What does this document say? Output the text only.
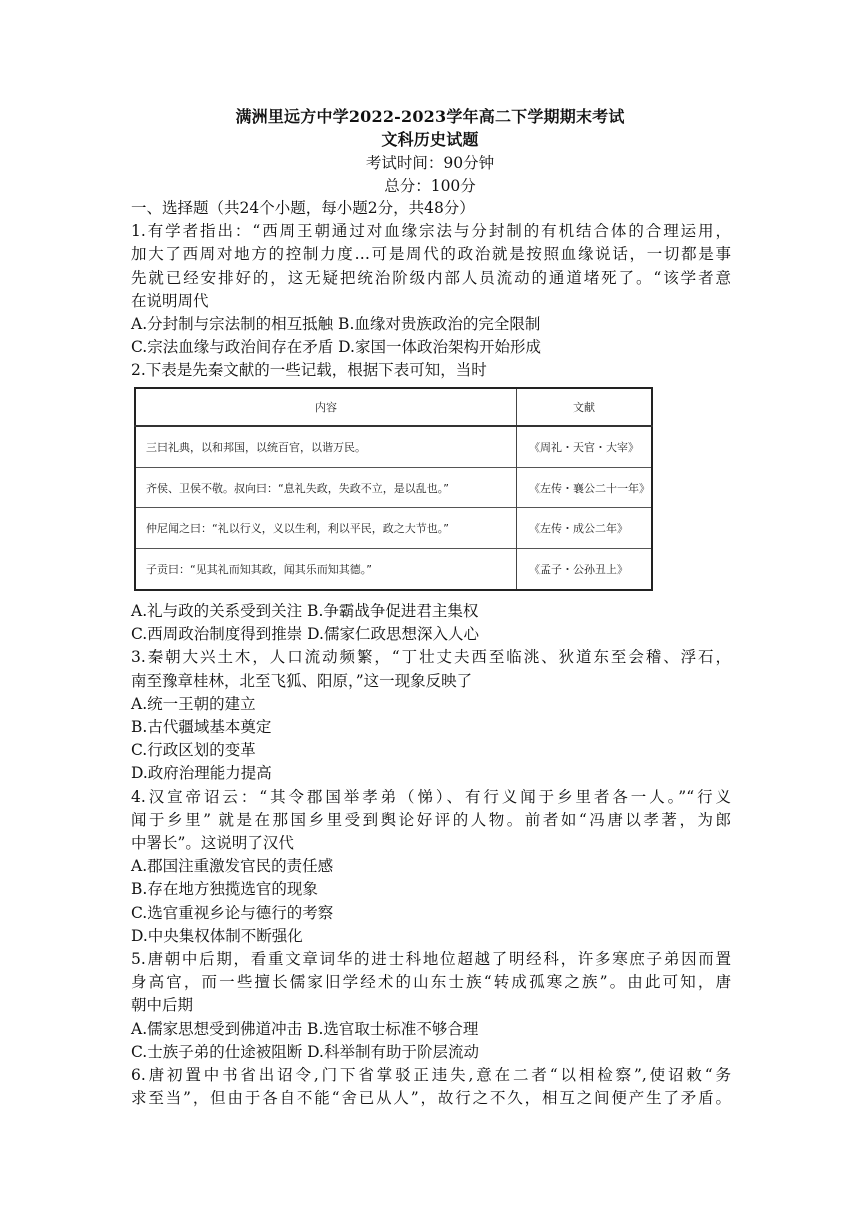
满洲里远方中学2022-2023学年高二下学期期末考试
文科历史试题
考试时间：90分钟
总分：100分

一、选择题（共24个小题，每小题2分，共48分）

1.有学者指出：“西周王朝通过对血缘宗法与分封制的有机结合体的合理运用，

加大了西周对地方的控制力度…可是周代的政治就是按照血缘说话，一切都是事

先就已经安排好的，这无疑把统治阶级内部人员流动的通道堵死了。“该学者意

在说明周代

A.分封制与宗法制的相互抵触 B.血缘对贵族政治的完全限制

C.宗法血缘与政治间存在矛盾 D.家国一体政治架构开始形成

2.下表是先秦文献的一些记载，根据下表可知，当时

内容	文献
三曰礼典，以和邦国，以统百官，以谐万民。	《周礼・天官・大宰》
齐侯、卫侯不敬。叔向曰：“息礼失政，失政不立，是以乱也。”	《左传・襄公二十一年》
仲尼闻之曰：“礼以行义，义以生利，利以平民，政之大节也。”	《左传・成公二年》
子贡曰：“见其礼而知其政，闻其乐而知其德。”	《孟子・公孙丑上》

A.礼与政的关系受到关注 B.争霸战争促进君主集权

C.西周政治制度得到推崇 D.儒家仁政思想深入人心

3.秦朝大兴土木，人口流动频繁，“丁壮丈夫西至临洮、狄道东至会稽、浮石，

南至豫章桂林，北至飞狐、阳原，”这一现象反映了

A.统一王朝的建立

B.古代疆域基本奠定

C.行政区划的变革

D.政府治理能力提高

4.汉宣帝诏云：“其令郡国举孝弟（悌）、有行义闻于乡里者各一人。”“行义

闻于乡里” 就是在那国乡里受到舆论好评的人物。前者如“冯唐以孝著，为郎

中署长”。这说明了汉代

A.郡国注重激发官民的责任感

B.存在地方独揽选官的现象

C.选官重视乡论与德行的考察

D.中央集权体制不断强化

5.唐朝中后期，看重文章词华的进士科地位超越了明经科，许多寒庶子弟因而置

身高官，而一些擅长儒家旧学经术的山东士族“转成孤寒之族”。由此可知，唐

朝中后期

A.儒家思想受到佛道冲击 B.选官取士标准不够合理

C.士族子弟的仕途被阻断 D.科举制有助于阶层流动

6.唐初置中书省出诏令,门下省掌驳正违失,意在二者“以相检察”,使诏敕“务

求至当”，但由于各自不能“舍已从人”，故行之不久，相互之间便产生了矛盾。
